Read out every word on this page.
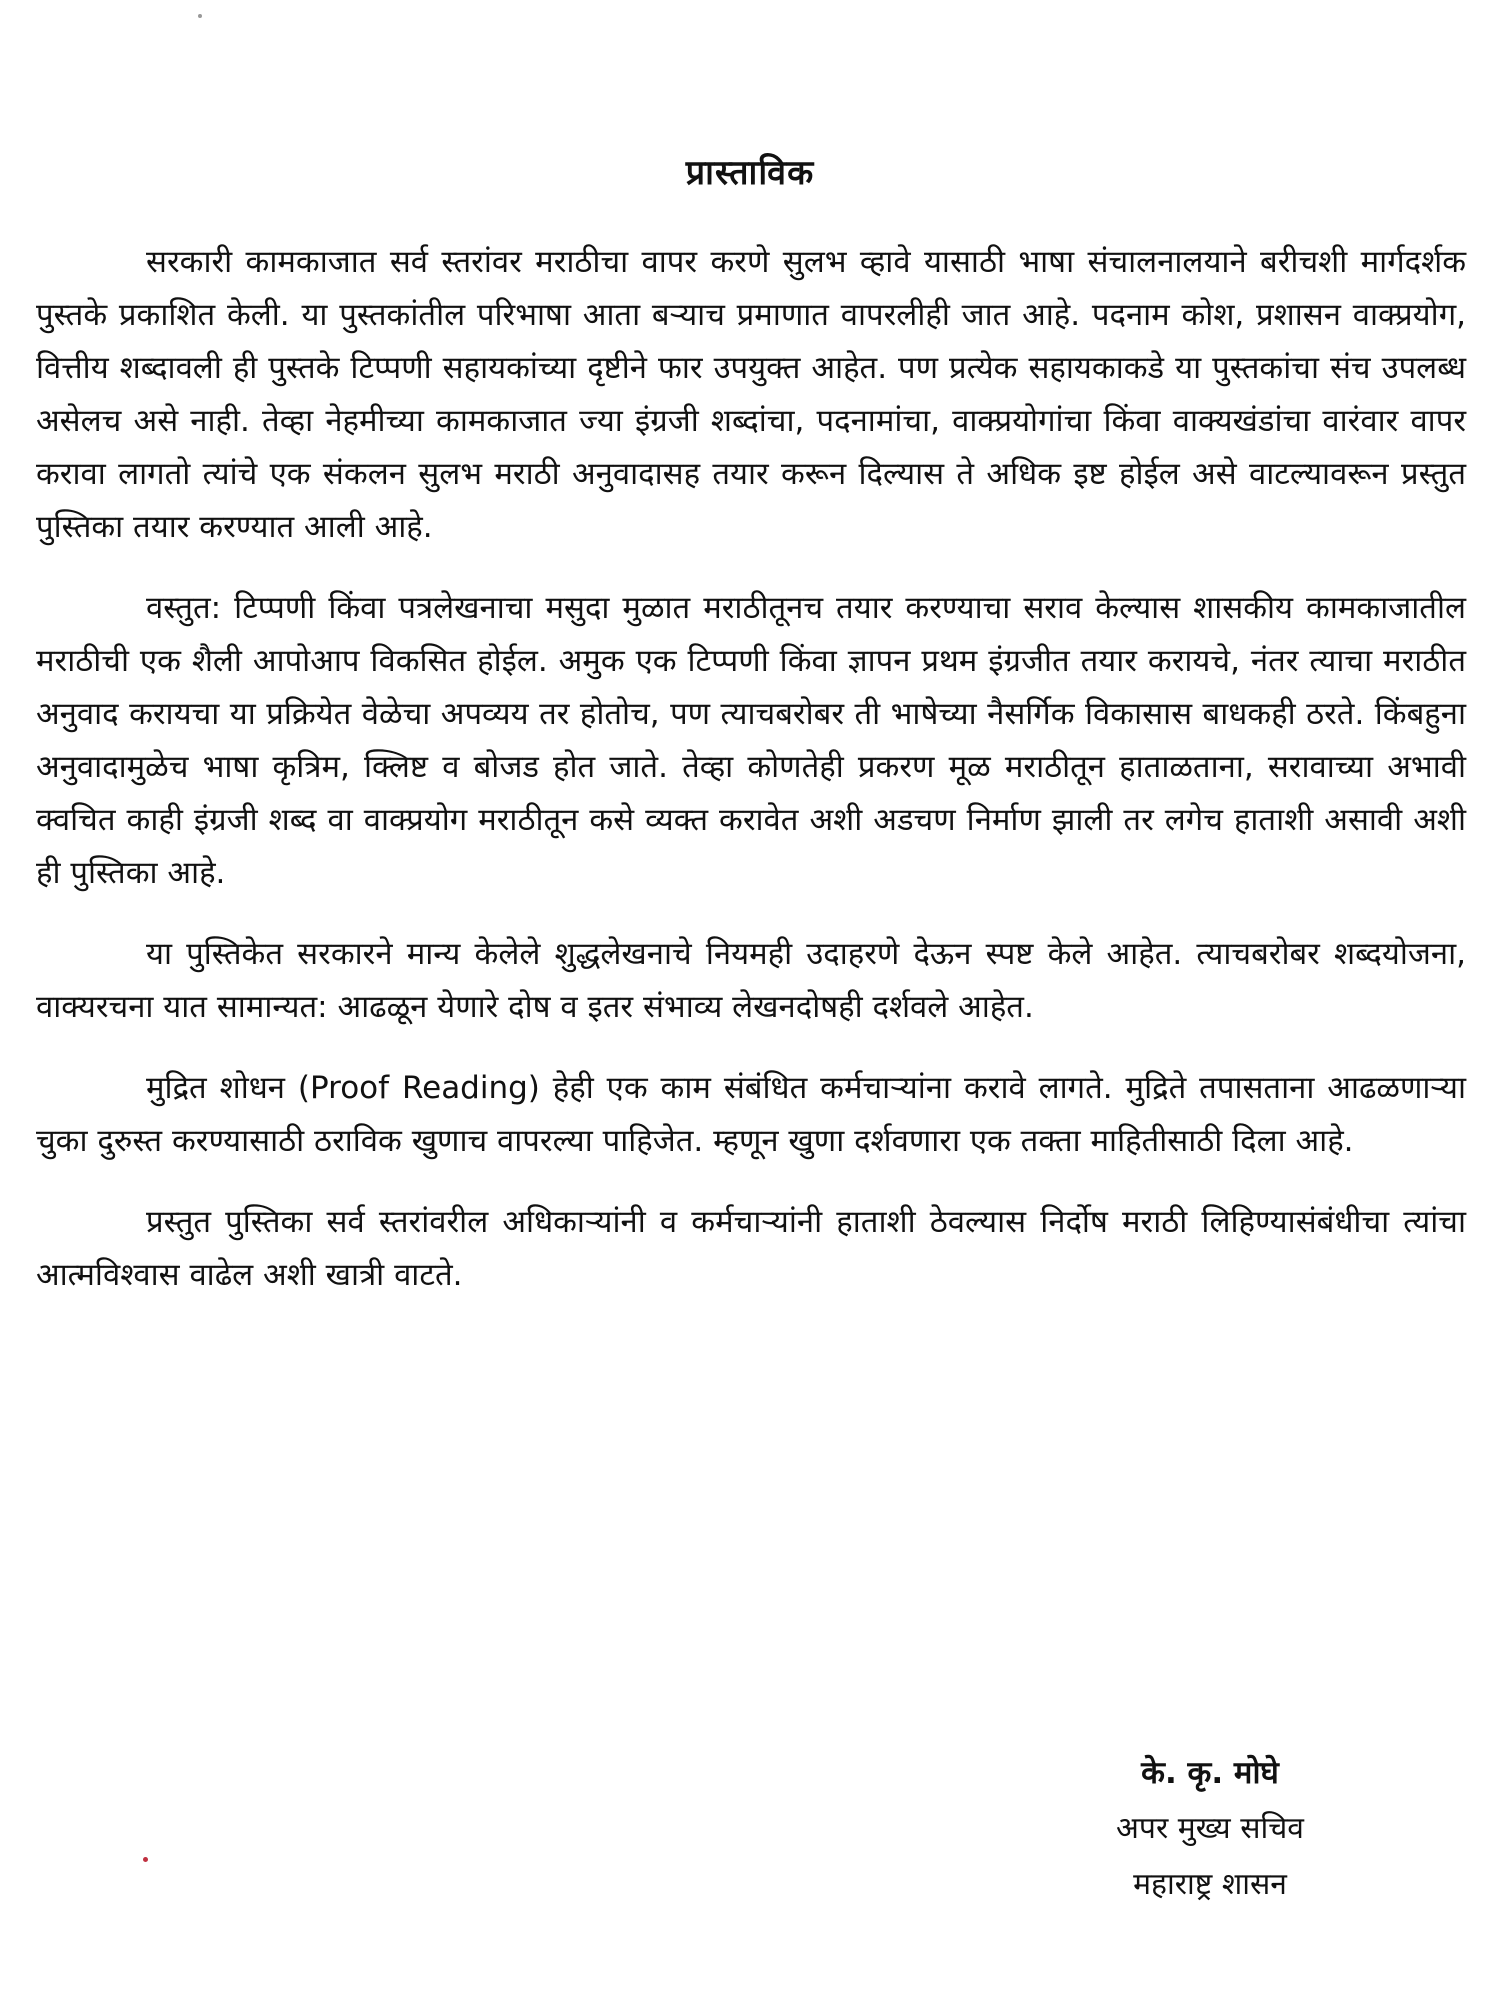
प्रास्ताविक

सरकारी कामकाजात सर्व स्तरांवर मराठीचा वापर करणे सुलभ व्हावे यासाठी भाषा संचालनालयाने बरीचशी मार्गदर्शक पुस्तके प्रकाशित केली. या पुस्तकांतील परिभाषा आता बऱ्याच प्रमाणात वापरलीही जात आहे. पदनाम कोश, प्रशासन वाक्प्रयोग, वित्तीय शब्दावली ही पुस्तके टिप्पणी सहायकांच्या दृष्टीने फार उपयुक्त आहेत. पण प्रत्येक सहायकाकडे या पुस्तकांचा संच उपलब्ध असेलच असे नाही. तेव्हा नेहमीच्या कामकाजात ज्या इंग्रजी शब्दांचा, पदनामांचा, वाक्प्रयोगांचा किंवा वाक्यखंडांचा वारंवार वापर करावा लागतो त्यांचे एक संकलन सुलभ मराठी अनुवादासह तयार करून दिल्यास ते अधिक इष्ट होईल असे वाटल्यावरून प्रस्तुत पुस्तिका तयार करण्यात आली आहे.

वस्तुत: टिप्पणी किंवा पत्रलेखनाचा मसुदा मुळात मराठीतूनच तयार करण्याचा सराव केल्यास शासकीय कामकाजातील मराठीची एक शैली आपोआप विकसित होईल. अमुक एक टिप्पणी किंवा ज्ञापन प्रथम इंग्रजीत तयार करायचे, नंतर त्याचा मराठीत अनुवाद करायचा या प्रक्रियेत वेळेचा अपव्यय तर होतोच, पण त्याचबरोबर ती भाषेच्या नैसर्गिक विकासास बाधकही ठरते. किंबहुना अनुवादामुळेच भाषा कृत्रिम, क्लिष्ट व बोजड होत जाते. तेव्हा कोणतेही प्रकरण मूळ मराठीतून हाताळताना, सरावाच्या अभावी क्वचित काही इंग्रजी शब्द वा वाक्प्रयोग मराठीतून कसे व्यक्त करावेत अशी अडचण निर्माण झाली तर लगेच हाताशी असावी अशी ही पुस्तिका आहे.

या पुस्तिकेत सरकारने मान्य केलेले शुद्धलेखनाचे नियमही उदाहरणे देऊन स्पष्ट केले आहेत. त्याचबरोबर शब्दयोजना, वाक्यरचना यात सामान्यत: आढळून येणारे दोष व इतर संभाव्य लेखनदोषही दर्शवले आहेत.

मुद्रित शोधन (Proof Reading) हेही एक काम संबंधित कर्मचाऱ्यांना करावे लागते. मुद्रिते तपासताना आढळणाऱ्या चुका दुरुस्त करण्यासाठी ठराविक खुणाच वापरल्या पाहिजेत. म्हणून खुणा दर्शवणारा एक तक्ता माहितीसाठी दिला आहे.

प्रस्तुत पुस्तिका सर्व स्तरांवरील अधिकाऱ्यांनी व कर्मचाऱ्यांनी हाताशी ठेवल्यास निर्दोष मराठी लिहिण्यासंबंधीचा त्यांचा आत्मविश्वास वाढेल अशी खात्री वाटते.

के. कृ. मोघे
अपर मुख्य सचिव
महाराष्ट्र शासन
